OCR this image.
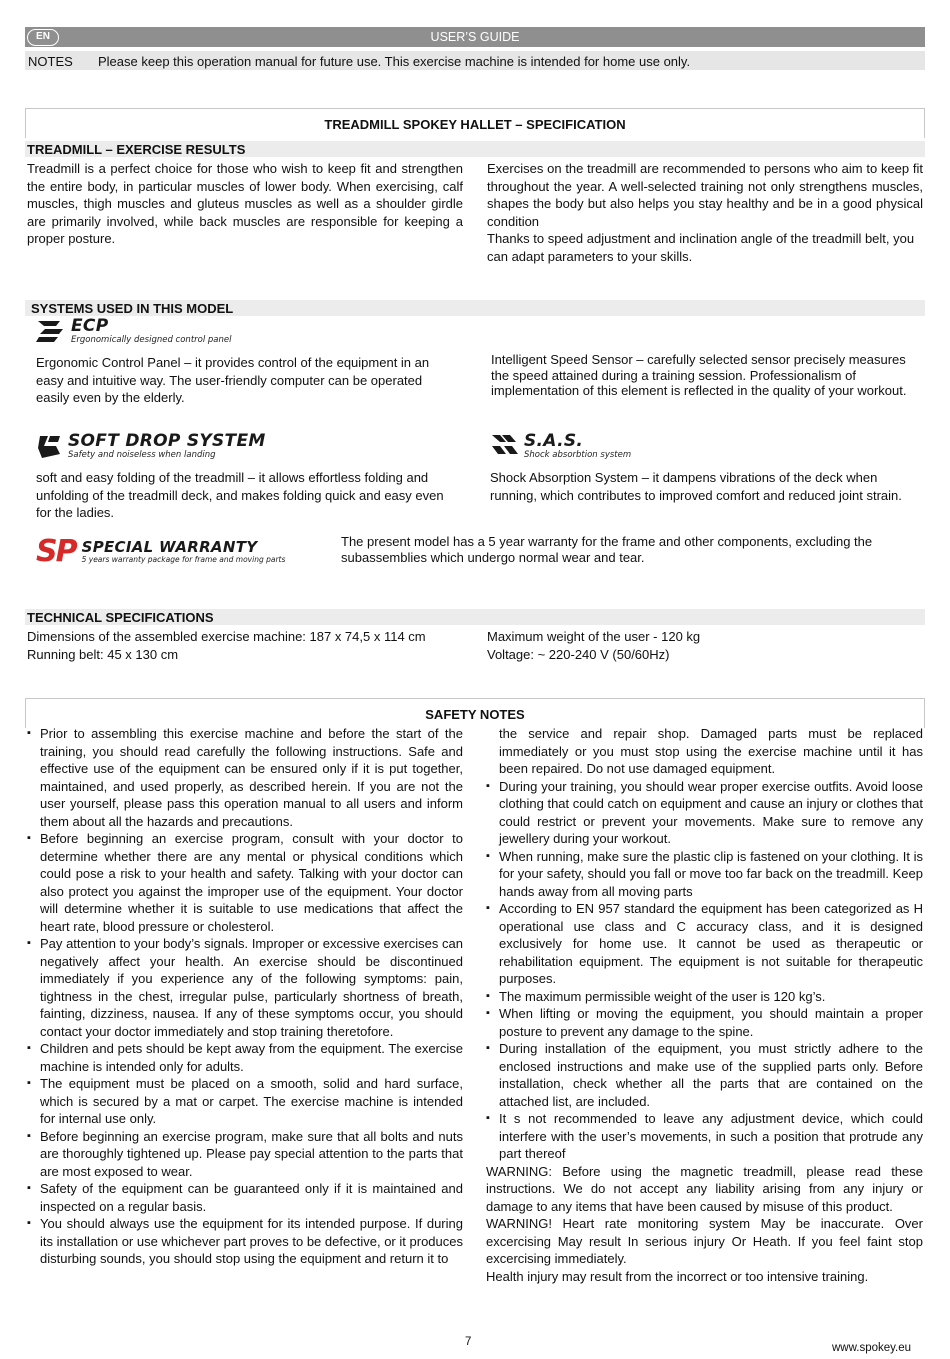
USER’S GUIDE
EN
NOTES Please keep this operation manual for future use. This exercise machine is intended for home use only.
TREADMILL SPOKEY HALLET – SPECIFICATION
TREADMILL – EXERCISE RESULTS
Treadmill is a perfect choice for those who wish to keep fit and strengthen the entire body, in particular muscles of lower body. When exercising, calf muscles, thigh muscles and gluteus muscles as well as a shoulder girdle are primarily involved, while back muscles are responsible for keeping a proper posture.

Exercises on the treadmill are recommended to persons who aim to keep fit throughout the year. A well-selected training not only strengthens muscles, shapes the body but also helps you stay healthy and be in a good physical condition

Thanks to speed adjustment and inclination angle of the treadmill belt, you can adapt parameters to your skills.

SYSTEMS USED IN THIS MODEL
ECP
Ergonomically designed control panel
Ergonomic Control Panel – it provides control of the equipment in an easy and intuitive way. The user-friendly computer can be operated easily even by the elderly.
Intelligent Speed Sensor – carefully selected sensor precisely measures the speed attained during a training session. Professionalism of implementation of this element is reflected in the quality of your workout.
SOFT DROP SYSTEM
Safety and noiseless when landing
soft and easy folding of the treadmill – it allows effortless folding and unfolding of the treadmill deck, and makes folding quick and easy even for the ladies.
S.A.S.
Shock absorbtion system
Shock Absorption System – it dampens vibrations of the deck when running, which contributes to improved comfort and reduced joint strain.
SP SPECIAL WARRANTY
5 years warranty package for frame and moving parts
The present model has a 5 year warranty for the frame and other components, excluding the subassemblies which undergo normal wear and tear.
TECHNICAL SPECIFICATIONS
Dimensions of the assembled exercise machine: 187 x 74,5 x 114 cm
Running belt: 45 x 130 cm
Maximum weight of the user - 120 kg
Voltage: ~ 220-240 V (50/60Hz)
SAFETY NOTES
▪ Prior to assembling this exercise machine and before the start of the training, you should read carefully the following instructions. Safe and effective use of the equipment can be ensured only if it is put together, maintained, and used properly, as described herein. If you are not the user yourself, please pass this operation manual to all users and inform them about all the hazards and precautions.
▪ Before beginning an exercise program, consult with your doctor to determine whether there are any mental or physical conditions which could pose a risk to your health and safety. Talking with your doctor can also protect you against the improper use of the equipment. Your doctor will determine whether it is suitable to use medications that affect the heart rate, blood pressure or cholesterol.
▪ Pay attention to your body’s signals. Improper or excessive exercises can negatively affect your health. An exercise should be discontinued immediately if you experience any of the following symptoms: pain, tightness in the chest, irregular pulse, particularly shortness of breath, fainting, dizziness, nausea. If any of these symptoms occur, you should contact your doctor immediately and stop training theretofore.
▪ Children and pets should be kept away from the equipment. The exercise machine is intended only for adults.
▪ The equipment must be placed on a smooth, solid and hard surface, which is secured by a mat or carpet. The exercise machine is intended for internal use only.
▪ Before beginning an exercise program, make sure that all bolts and nuts are thoroughly tightened up. Please pay special attention to the parts that are most exposed to wear.
▪ Safety of the equipment can be guaranteed only if it is maintained and inspected on a regular basis.
▪ You should always use the equipment for its intended purpose. If during its installation or use whichever part proves to be defective, or it produces disturbing sounds, you should stop using the equipment and return it to

the service and repair shop. Damaged parts must be replaced immediately or you must stop using the exercise machine until it has been repaired. Do not use damaged equipment.

▪ During your training, you should wear proper exercise outfits. Avoid loose clothing that could catch on equipment and cause an injury or clothes that could restrict or prevent your movements. Make sure to remove any jewellery during your workout.
▪ When running, make sure the plastic clip is fastened on your clothing. It is for your safety, should you fall or move too far back on the treadmill. Keep hands away from all moving parts
▪ According to EN 957 standard the equipment has been categorized as H operational use class and C accuracy class, and it is designed exclusively for home use. It cannot be used as therapeutic or rehabilitation equipment. The equipment is not suitable for therapeutic purposes.
▪ The maximum permissible weight of the user is 120 kg’s.
▪ When lifting or moving the equipment, you should maintain a proper posture to prevent any damage to the spine.
▪ During installation of the equipment, you must strictly adhere to the enclosed instructions and make use of the supplied parts only. Before installation, check whether all the parts that are contained on the attached list, are included.
▪ It s not recommended to leave any adjustment device, which could interfere with the user’s movements, in such a position that protrude any part thereof

WARNING: Before using the magnetic treadmill, please read these instructions. We do not accept any liability arising from any injury or damage to any items that have been caused by misuse of this product.

WARNING! Heart rate monitoring system May be inaccurate. Over excercising May result In serious injury Or Heath. If you feel faint stop excercising immediately.

Health injury may result from the incorrect or too intensive training.

7	www.spokey.eu
